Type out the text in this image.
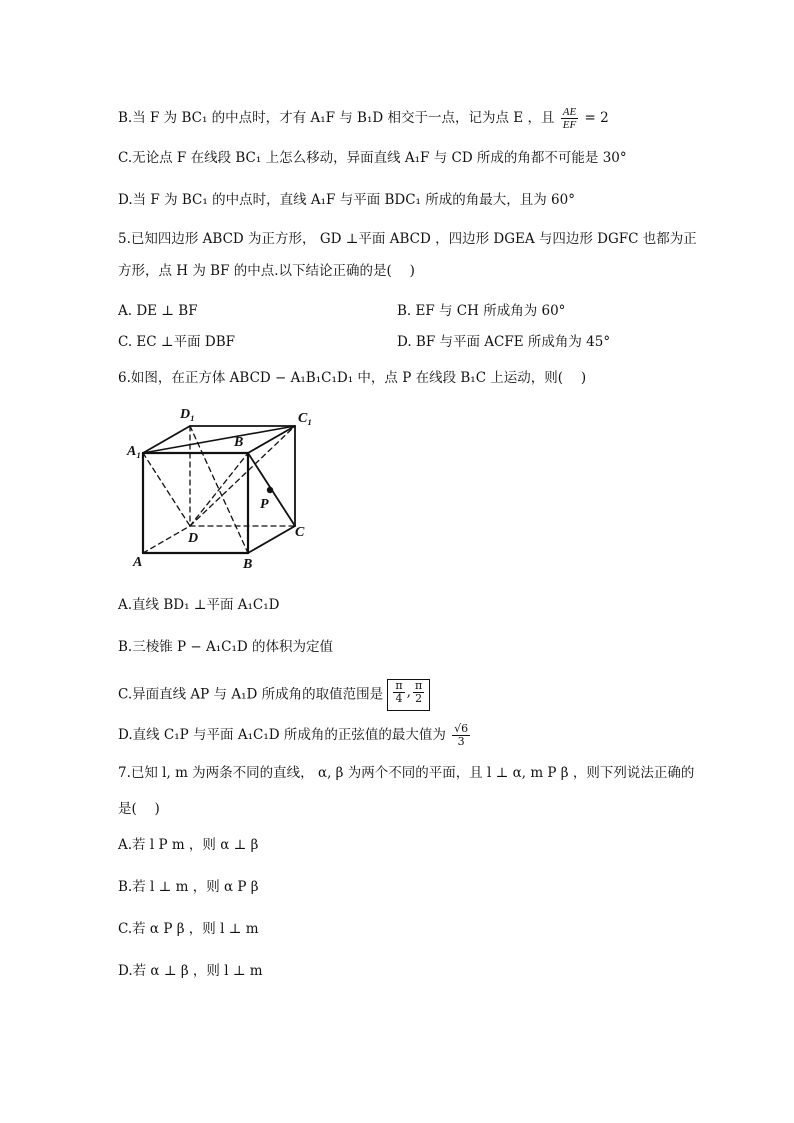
B.当 F 为 BC₁ 的中点时，才有 A₁F 与 B₁D 相交于一点，记为点 E ，且 $\frac{AE}{EF} = 2$
C.无论点 F 在线段 BC₁ 上怎么移动，异面直线 A₁F 与 CD 所成的角都不可能是 30°
D.当 F 为 BC₁ 的中点时，直线 A₁F 与平面 BDC₁ 所成的角最大，且为 60°
5.已知四边形 ABCD 为正方形， GD ⊥平面 ABCD ，四边形 DGEA 与四边形 DGFC 也都为正
方形，点 H 为 BF 的中点.以下结论正确的是(　 )
A. DE ⊥ BF	B. EF 与 CH 所成角为 60°
C. EC ⊥平面 DBF	D. BF 与平面 ACFE 所成角为 45°
6.如图，在正方体 ABCD − A₁B₁C₁D₁ 中，点 P 在线段 B₁C 上运动，则(　 )
D₁	C₁
A₁
B
P
D	C
A	B
A.直线 BD₁ ⊥平面 A₁C₁D
B.三棱锥 P − A₁C₁D 的体积为定值
C.异面直线 AP 与 A₁D 所成角的取值范围是 $\frac{\pi}{4}$ , $\frac{\pi}{2}$
D.直线 C₁P 与平面 A₁C₁D 所成角的正弦值的最大值为 $\frac{√6}{3}$
7.已知 l, m 为两条不同的直线， α, β 为两个不同的平面，且 l ⊥ α, m P β ，则下列说法正确的
是(　 )
A.若 l P m ，则 α ⊥ β
B.若 l ⊥ m ，则 α P β
C.若 α P β ，则 l ⊥ m
D.若 α ⊥ β ，则 l ⊥ m
